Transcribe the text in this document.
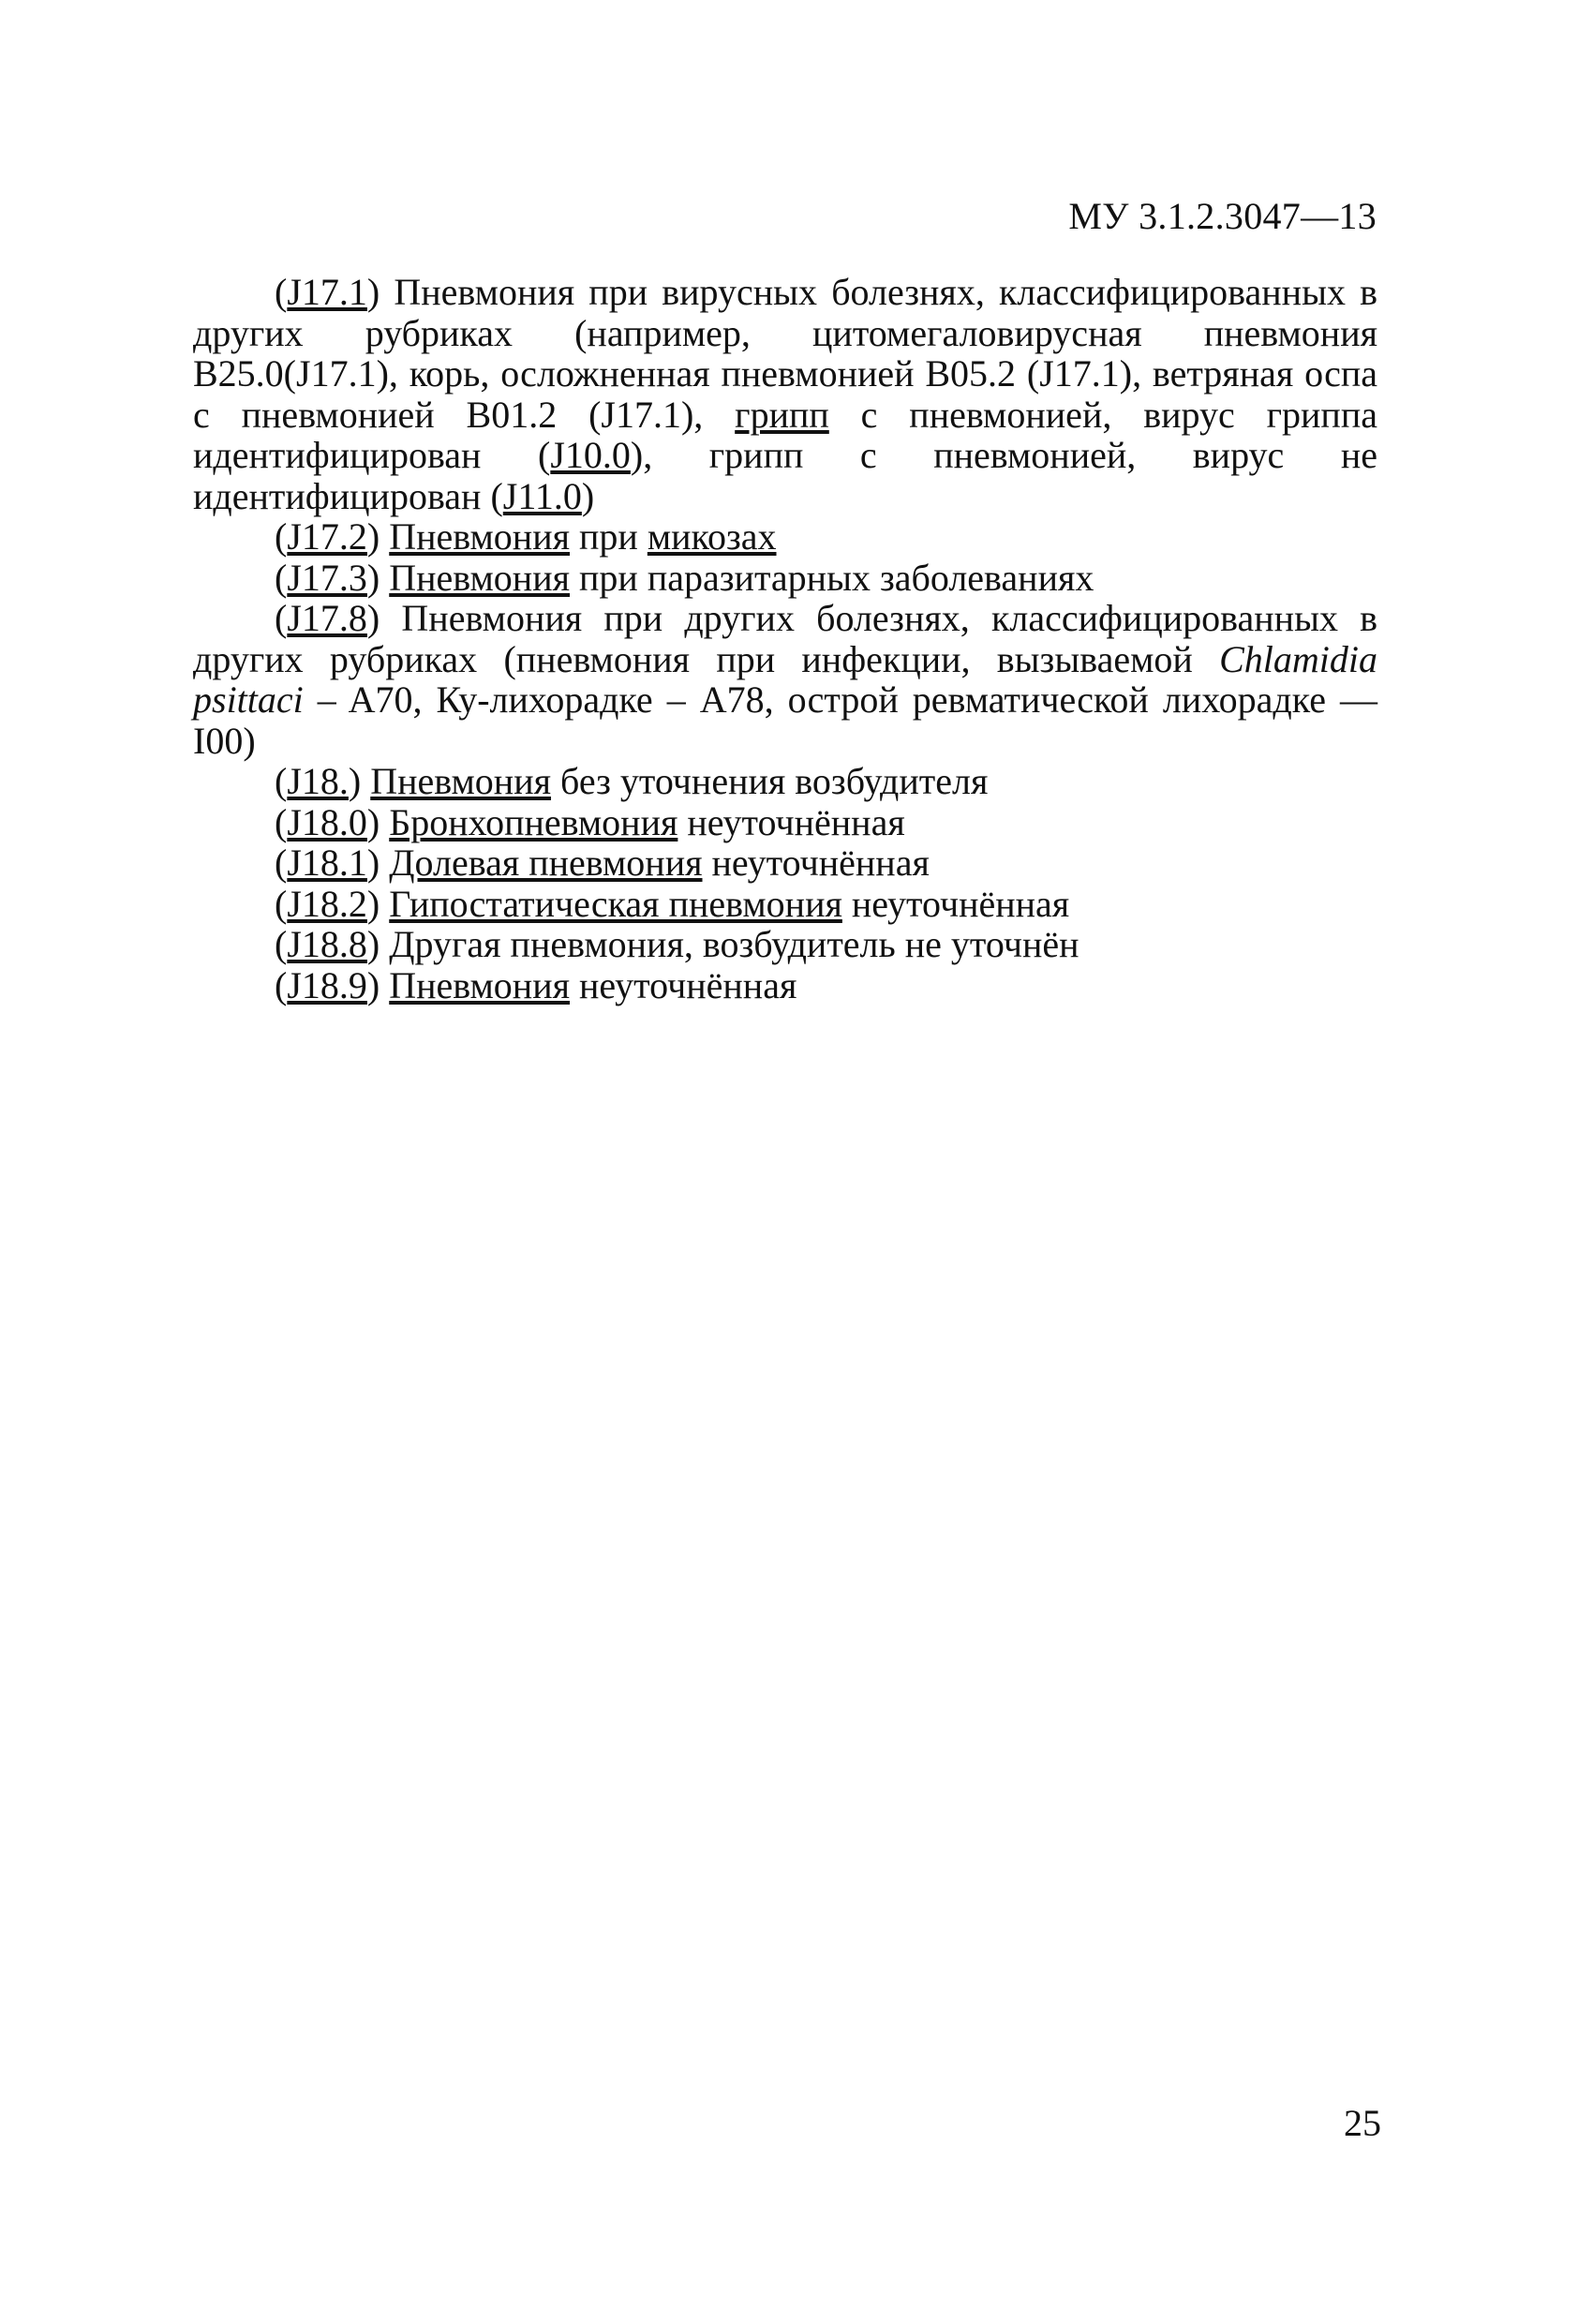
МУ 3.1.2.3047—13

(J17.1) Пневмония при вирусных болезнях, классифицированных в других рубриках (например, цитомегаловирусная пневмония B25.0(J17.1), корь, осложненная пневмонией B05.2 (J17.1), ветряная оспа с пневмонией B01.2 (J17.1), грипп с пневмонией, вирус гриппа идентифицирован (J10.0), грипп с пневмонией, вирус не идентифицирован (J11.0)

(J17.2) Пневмония при микозах

(J17.3) Пневмония при паразитарных заболеваниях

(J17.8) Пневмония при других болезнях, классифицированных в других рубриках (пневмония при инфекции, вызываемой Chlamidia psittaci – A70, Ку-лихорадке – A78, острой ревматической лихорадке — I00)

(J18.) Пневмония без уточнения возбудителя

(J18.0) Бронхопневмония неуточнённая

(J18.1) Долевая пневмония неуточнённая

(J18.2) Гипостатическая пневмония неуточнённая

(J18.8) Другая пневмония, возбудитель не уточнён

(J18.9) Пневмония неуточнённая

25
